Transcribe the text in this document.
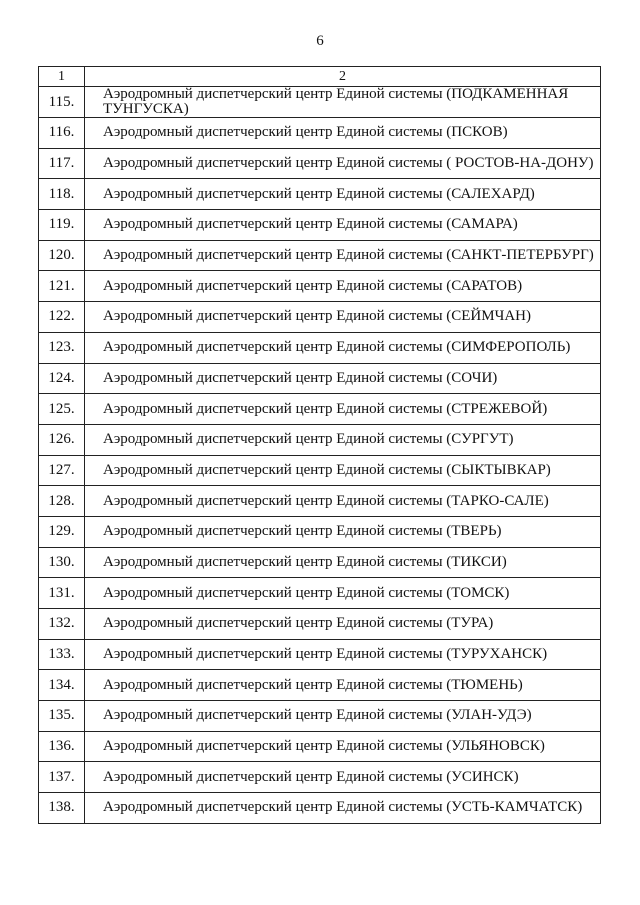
6
1	2
115.	Аэродромный диспетчерский центр Единой системы (ПОДКАМЕННАЯ ТУНГУСКА)
116.	Аэродромный диспетчерский центр Единой системы (ПСКОВ)
117.	Аэродромный диспетчерский центр Единой системы ( РОСТОВ-НА-ДОНУ)
118.	Аэродромный диспетчерский центр Единой системы (САЛЕХАРД)
119.	Аэродромный диспетчерский центр Единой системы (САМАРА)
120.	Аэродромный диспетчерский центр Единой системы (САНКТ-ПЕТЕРБУРГ)
121.	Аэродромный диспетчерский центр Единой системы (САРАТОВ)
122.	Аэродромный диспетчерский центр Единой системы (СЕЙМЧАН)
123.	Аэродромный диспетчерский центр Единой системы (СИМФЕРОПОЛЬ)
124.	Аэродромный диспетчерский центр Единой системы (СОЧИ)
125.	Аэродромный диспетчерский центр Единой системы (СТРЕЖЕВОЙ)
126.	Аэродромный диспетчерский центр Единой системы (СУРГУТ)
127.	Аэродромный диспетчерский центр Единой системы (СЫКТЫВКАР)
128.	Аэродромный диспетчерский центр Единой системы (ТАРКО-САЛЕ)
129.	Аэродромный диспетчерский центр Единой системы (ТВЕРЬ)
130.	Аэродромный диспетчерский центр Единой системы (ТИКСИ)
131.	Аэродромный диспетчерский центр Единой системы (ТОМСК)
132.	Аэродромный диспетчерский центр Единой системы (ТУРА)
133.	Аэродромный диспетчерский центр Единой системы (ТУРУХАНСК)
134.	Аэродромный диспетчерский центр Единой системы (ТЮМЕНЬ)
135.	Аэродромный диспетчерский центр Единой системы (УЛАН-УДЭ)
136.	Аэродромный диспетчерский центр Единой системы (УЛЬЯНОВСК)
137.	Аэродромный диспетчерский центр Единой системы (УСИНСК)
138.	Аэродромный диспетчерский центр Единой системы (УСТЬ-КАМЧАТСК)
